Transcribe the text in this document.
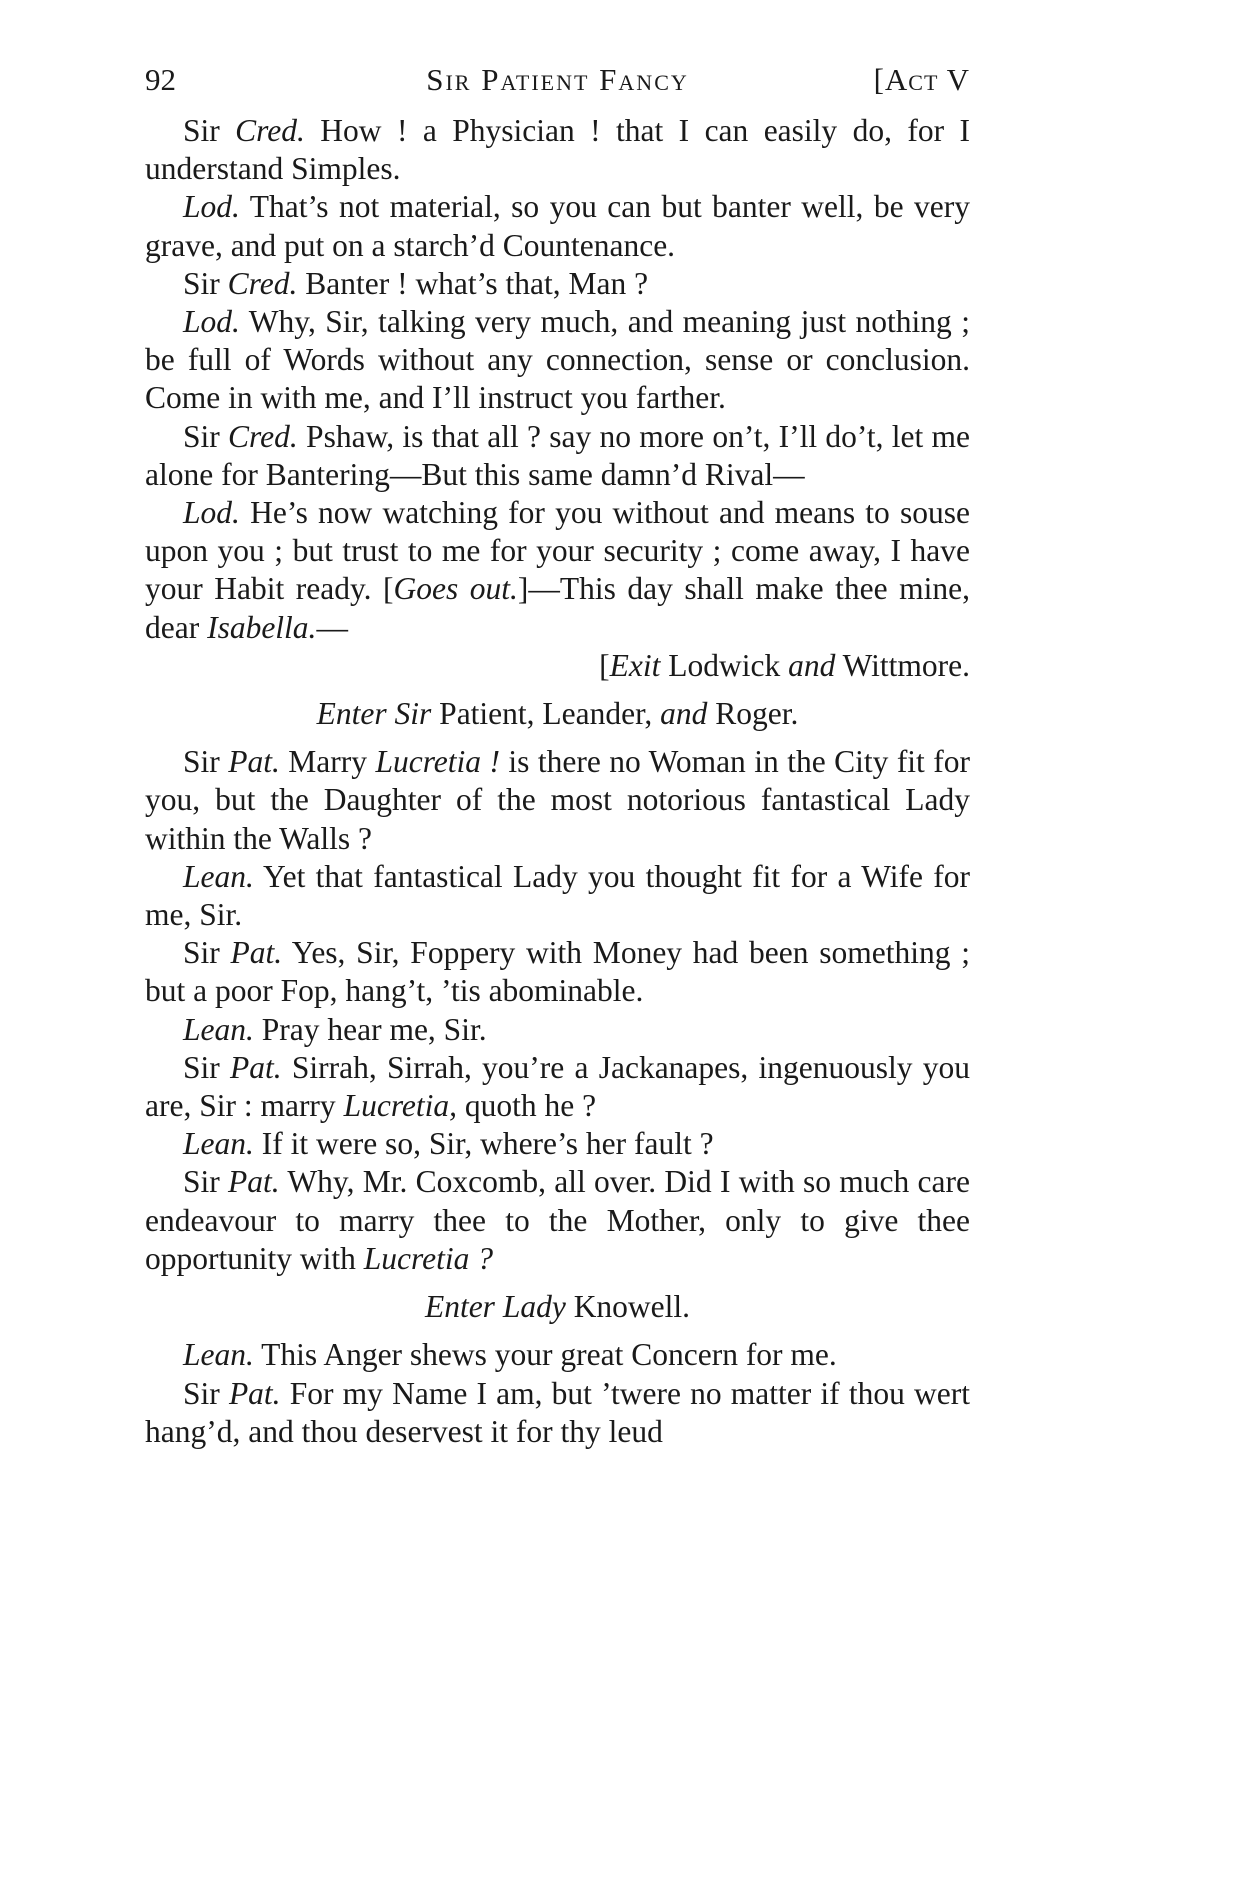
92	Sir Patient Fancy	[Act V

Sir Cred. How ! a Physician ! that I can easily do, for I understand Simples.

Lod. That’s not material, so you can but banter well, be very grave, and put on a starch’d Countenance.

Sir Cred. Banter ! what’s that, Man ?

Lod. Why, Sir, talking very much, and meaning just nothing ; be full of Words without any connection, sense or conclusion. Come in with me, and I’ll instruct you farther.

Sir Cred. Pshaw, is that all ? say no more on’t, I’ll do’t, let me alone for Bantering—But this same damn’d Rival—

Lod. He’s now watching for you without and means to souse upon you ; but trust to me for your security ; come away, I have your Habit ready. [Goes out.]—This day shall make thee mine, dear Isabella.—

[Exit Lodwick and Wittmore.

Enter Sir Patient, Leander, and Roger.

Sir Pat. Marry Lucretia ! is there no Woman in the City fit for you, but the Daughter of the most notorious fantastical Lady within the Walls ?

Lean. Yet that fantastical Lady you thought fit for a Wife for me, Sir.

Sir Pat. Yes, Sir, Foppery with Money had been something ; but a poor Fop, hang’t, ’tis abominable.

Lean. Pray hear me, Sir.

Sir Pat. Sirrah, Sirrah, you’re a Jackanapes, ingenuously you are, Sir : marry Lucretia, quoth he ?

Lean. If it were so, Sir, where’s her fault ?

Sir Pat. Why, Mr. Coxcomb, all over. Did I with so much care endeavour to marry thee to the Mother, only to give thee opportunity with Lucretia ?

Enter Lady Knowell.

Lean. This Anger shews your great Concern for me.

Sir Pat. For my Name I am, but ’twere no matter if thou wert hang’d, and thou deservest it for thy leud
